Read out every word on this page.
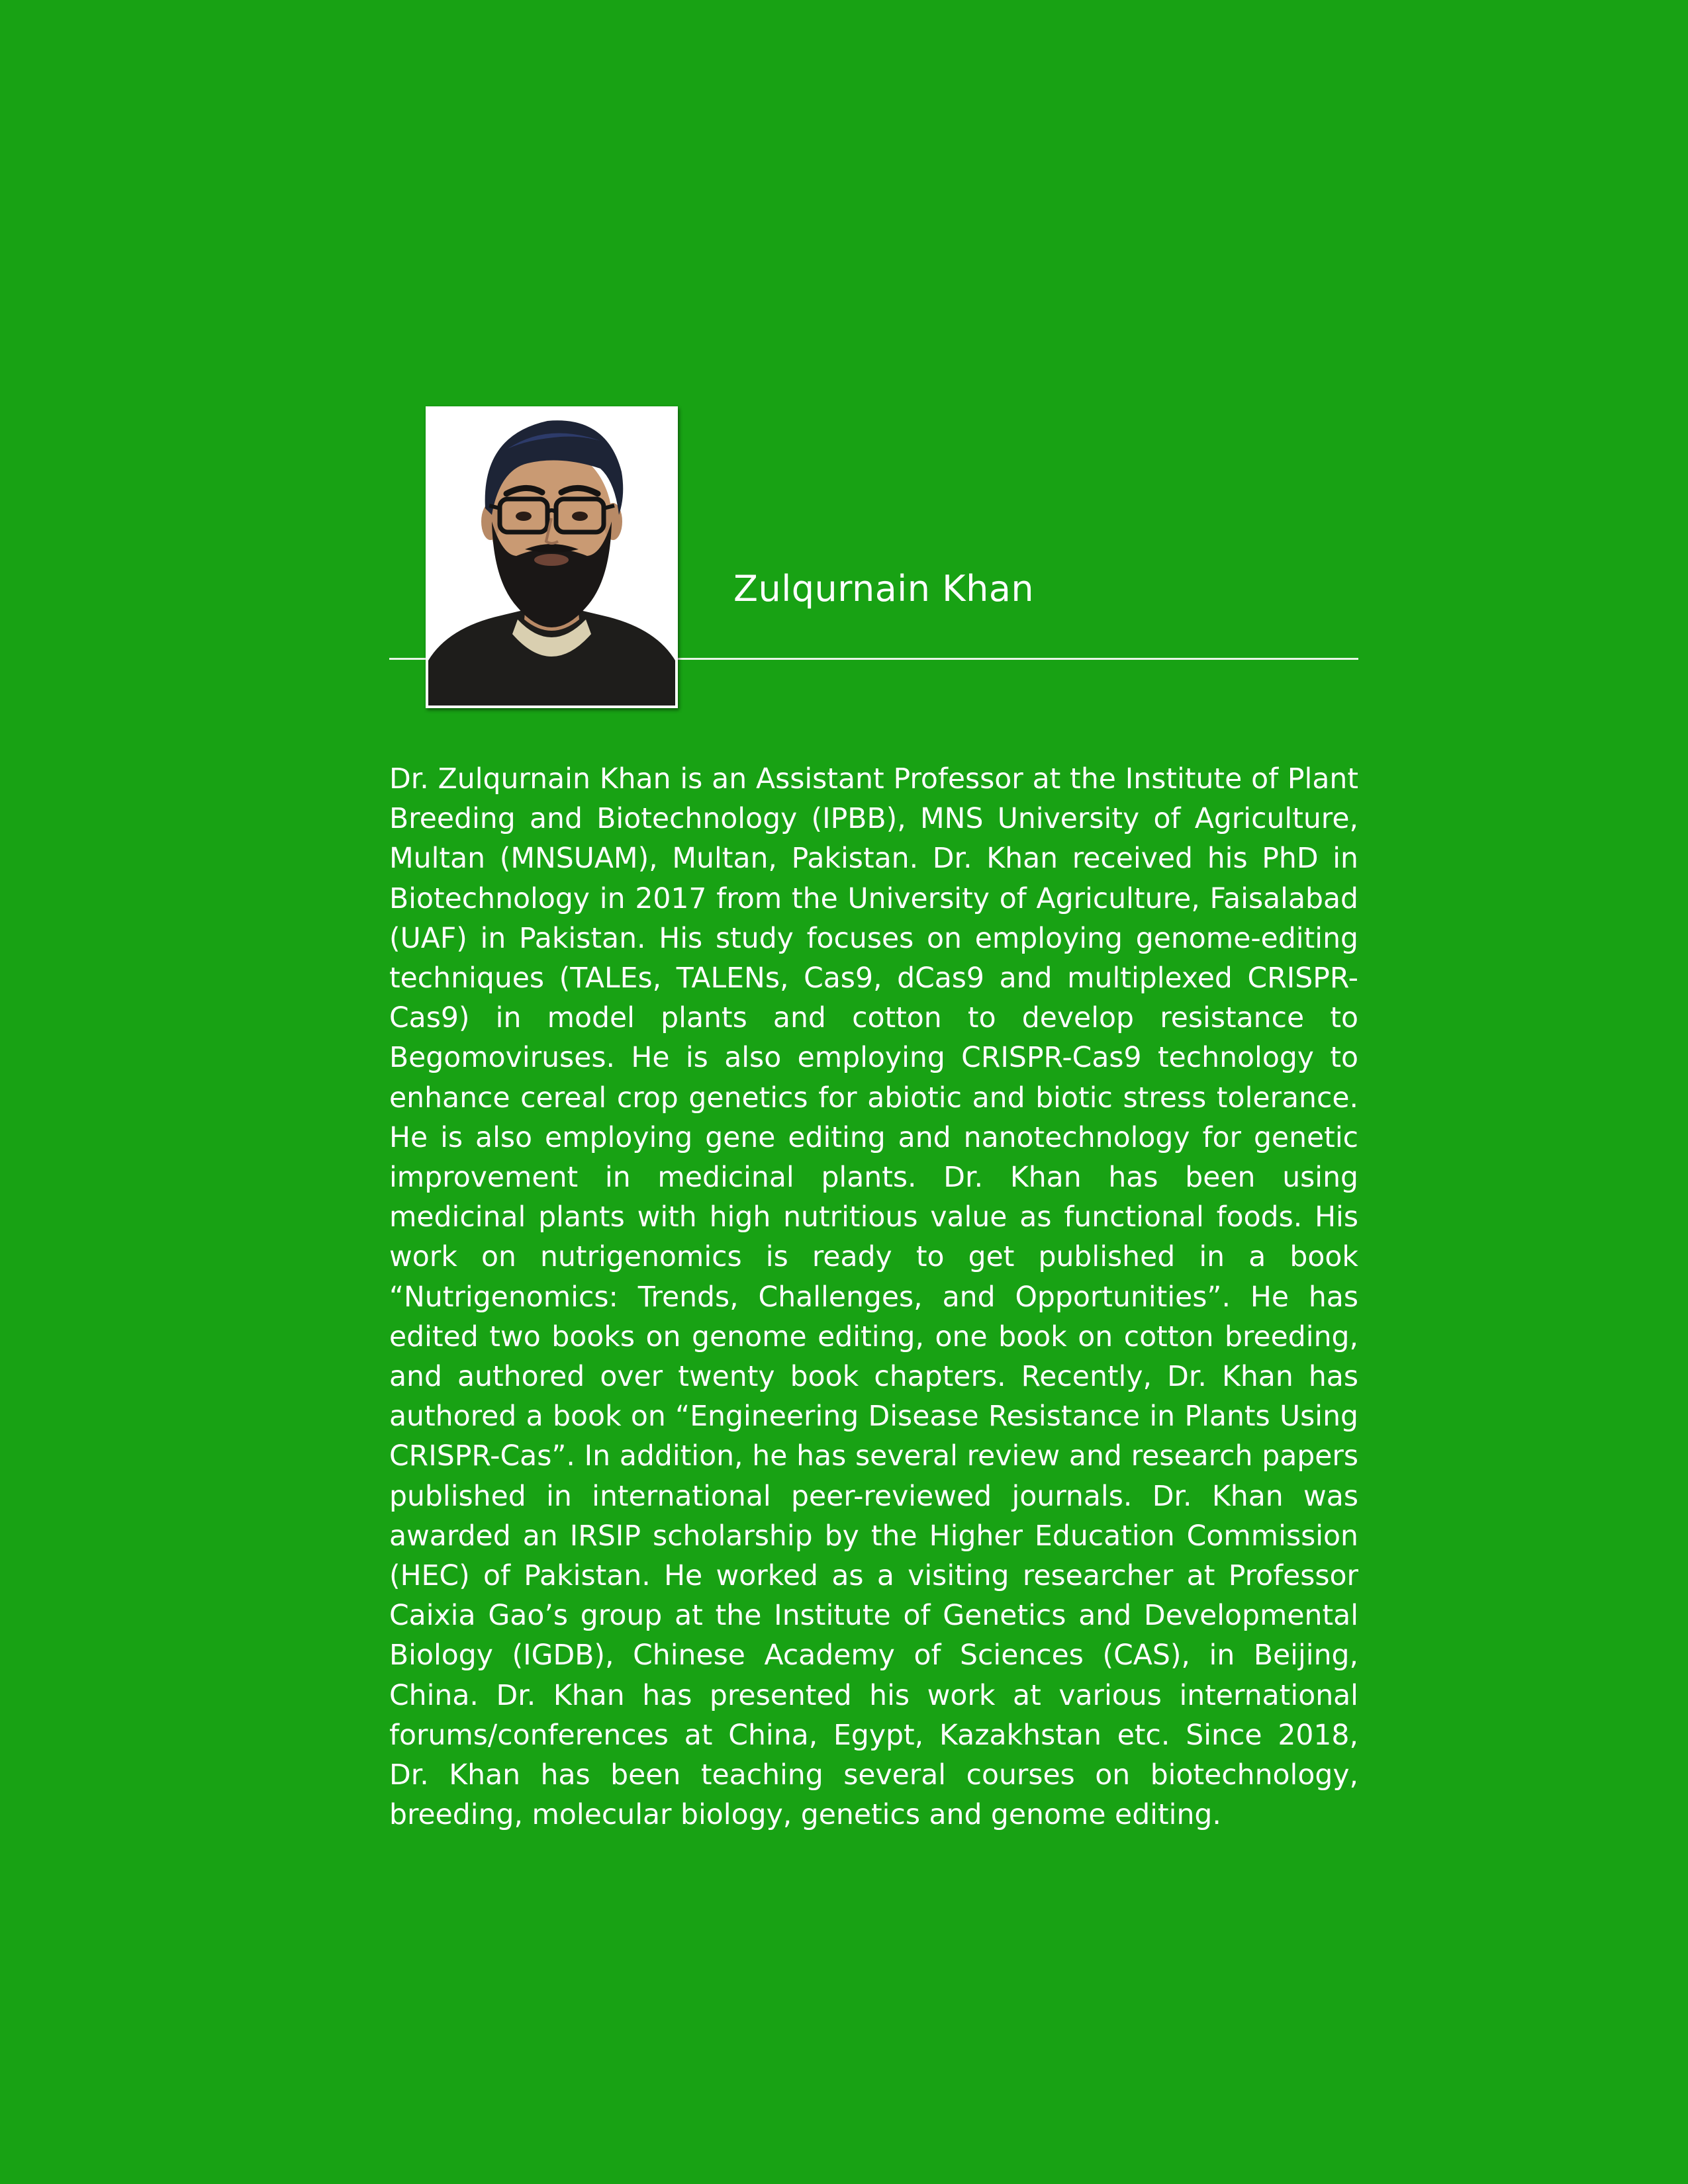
Zulqurnain Khan

Dr. Zulqurnain Khan is an Assistant Professor at the Institute of Plant Breeding and Biotechnology (IPBB), MNS University of Agriculture, Multan (MNSUAM), Multan, Pakistan. Dr. Khan received his PhD in Biotechnology in 2017 from the University of Agriculture, Faisalabad (UAF) in Pakistan. His study focuses on employing genome-editing techniques (TALEs, TALENs, Cas9, dCas9 and multiplexed CRISPR-Cas9) in model plants and cotton to develop resistance to Begomoviruses. He is also employing CRISPR-Cas9 technology to enhance cereal crop genetics for abiotic and biotic stress tolerance. He is also employing gene editing and nanotechnology for genetic improvement in medicinal plants. Dr. Khan has been using medicinal plants with high nutritious value as functional foods. His work on nutrigenomics is ready to get published in a book “Nutrigenomics: Trends, Challenges, and Opportunities”. He has edited two books on genome editing, one book on cotton breeding, and authored over twenty book chapters. Recently, Dr. Khan has authored a book on “Engineering Disease Resistance in Plants Using CRISPR-Cas”. In addition, he has several review and research papers published in international peer-reviewed journals. Dr. Khan was awarded an IRSIP scholarship by the Higher Education Commission (HEC) of Pakistan. He worked as a visiting researcher at Professor Caixia Gao’s group at the Institute of Genetics and Developmental Biology (IGDB), Chinese Academy of Sciences (CAS), in Beijing, China. Dr. Khan has presented his work at various international forums/conferences at China, Egypt, Kazakhstan etc. Since 2018, Dr. Khan has been teaching several courses on biotechnology, breeding, molecular biology, genetics and genome editing.
